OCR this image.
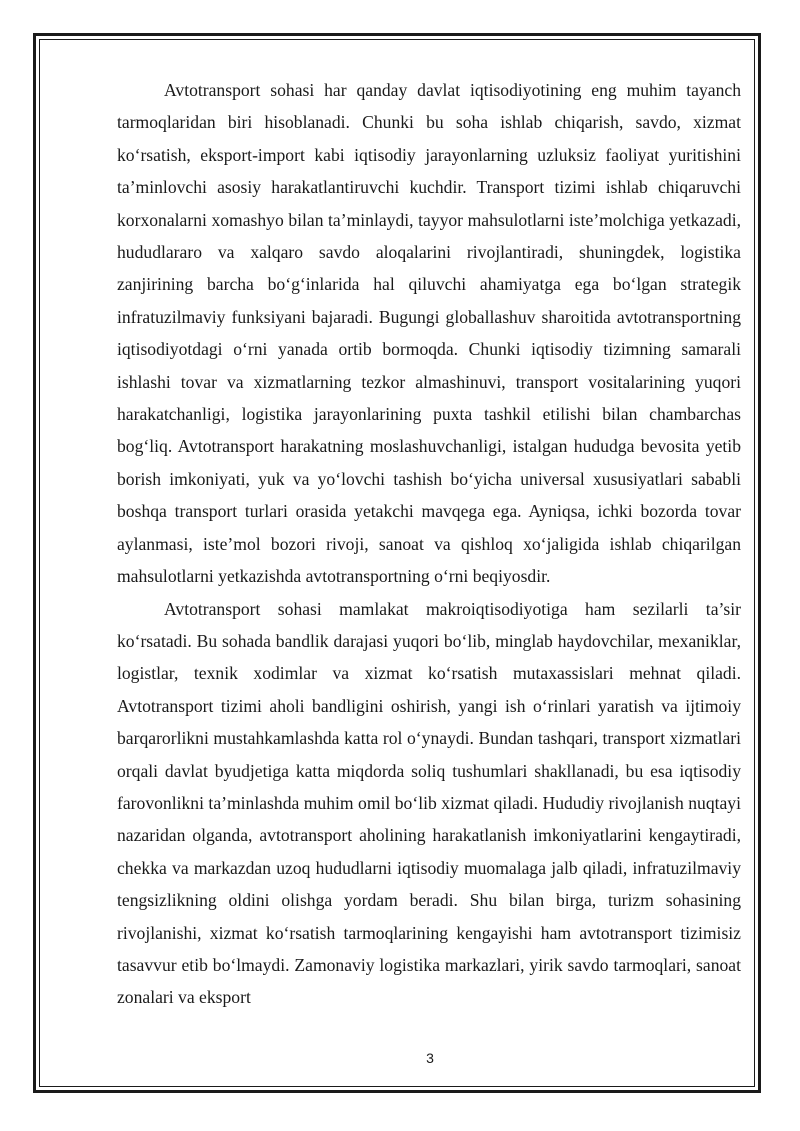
Avtotransport sohasi har qanday davlat iqtisodiyotining eng muhim tayanch tarmoqlaridan biri hisoblanadi. Chunki bu soha ishlab chiqarish, savdo, xizmat ko‘rsatish, eksport-import kabi iqtisodiy jarayonlarning uzluksiz faoliyat yuritishini ta’minlovchi asosiy harakatlantiruvchi kuchdir. Transport tizimi ishlab chiqaruvchi korxonalarni xomashyo bilan ta’minlaydi, tayyor mahsulotlarni iste’molchiga yetkazadi, hududlararo va xalqaro savdo aloqalarini rivojlantiradi, shuningdek, logistika zanjirining barcha bo‘g‘inlarida hal qiluvchi ahamiyatga ega bo‘lgan strategik infratuzilmaviy funksiyani bajaradi. Bugungi globallashuv sharoitida avtotransportning iqtisodiyotdagi o‘rni yanada ortib bormoqda. Chunki iqtisodiy tizimning samarali ishlashi tovar va xizmatlarning tezkor almashinuvi, transport vositalarining yuqori harakatchanligi, logistika jarayonlarining puxta tashkil etilishi bilan chambarchas bog‘liq. Avtotransport harakatning moslashuvchanligi, istalgan hududga bevosita yetib borish imkoniyati, yuk va yo‘lovchi tashish bo‘yicha universal xususiyatlari sababli boshqa transport turlari orasida yetakchi mavqega ega. Ayniqsa, ichki bozorda tovar aylanmasi, iste’mol bozori rivoji, sanoat va qishloq xo‘jaligida ishlab chiqarilgan mahsulotlarni yetkazishda avtotransportning o‘rni beqiyosdir.

Avtotransport sohasi mamlakat makroiqtisodiyotiga ham sezilarli ta’sir ko‘rsatadi. Bu sohada bandlik darajasi yuqori bo‘lib, minglab haydovchilar, mexaniklar, logistlar, texnik xodimlar va xizmat ko‘rsatish mutaxassislari mehnat qiladi. Avtotransport tizimi aholi bandligini oshirish, yangi ish o‘rinlari yaratish va ijtimoiy barqarorlikni mustahkamlashda katta rol o‘ynaydi. Bundan tashqari, transport xizmatlari orqali davlat byudjetiga katta miqdorda soliq tushumlari shakllanadi, bu esa iqtisodiy farovonlikni ta’minlashda muhim omil bo‘lib xizmat qiladi. Hududiy rivojlanish nuqtayi nazaridan olganda, avtotransport aholining harakatlanish imkoniyatlarini kengaytiradi, chekka va markazdan uzoq hududlarni iqtisodiy muomalaga jalb qiladi, infratuzilmaviy tengsizlikning oldini olishga yordam beradi. Shu bilan birga, turizm sohasining rivojlanishi, xizmat ko‘rsatish tarmoqlarining kengayishi ham avtotransport tizimisiz tasavvur etib bo‘lmaydi. Zamonaviy logistika markazlari, yirik savdo tarmoqlari, sanoat zonalari va eksport

3
